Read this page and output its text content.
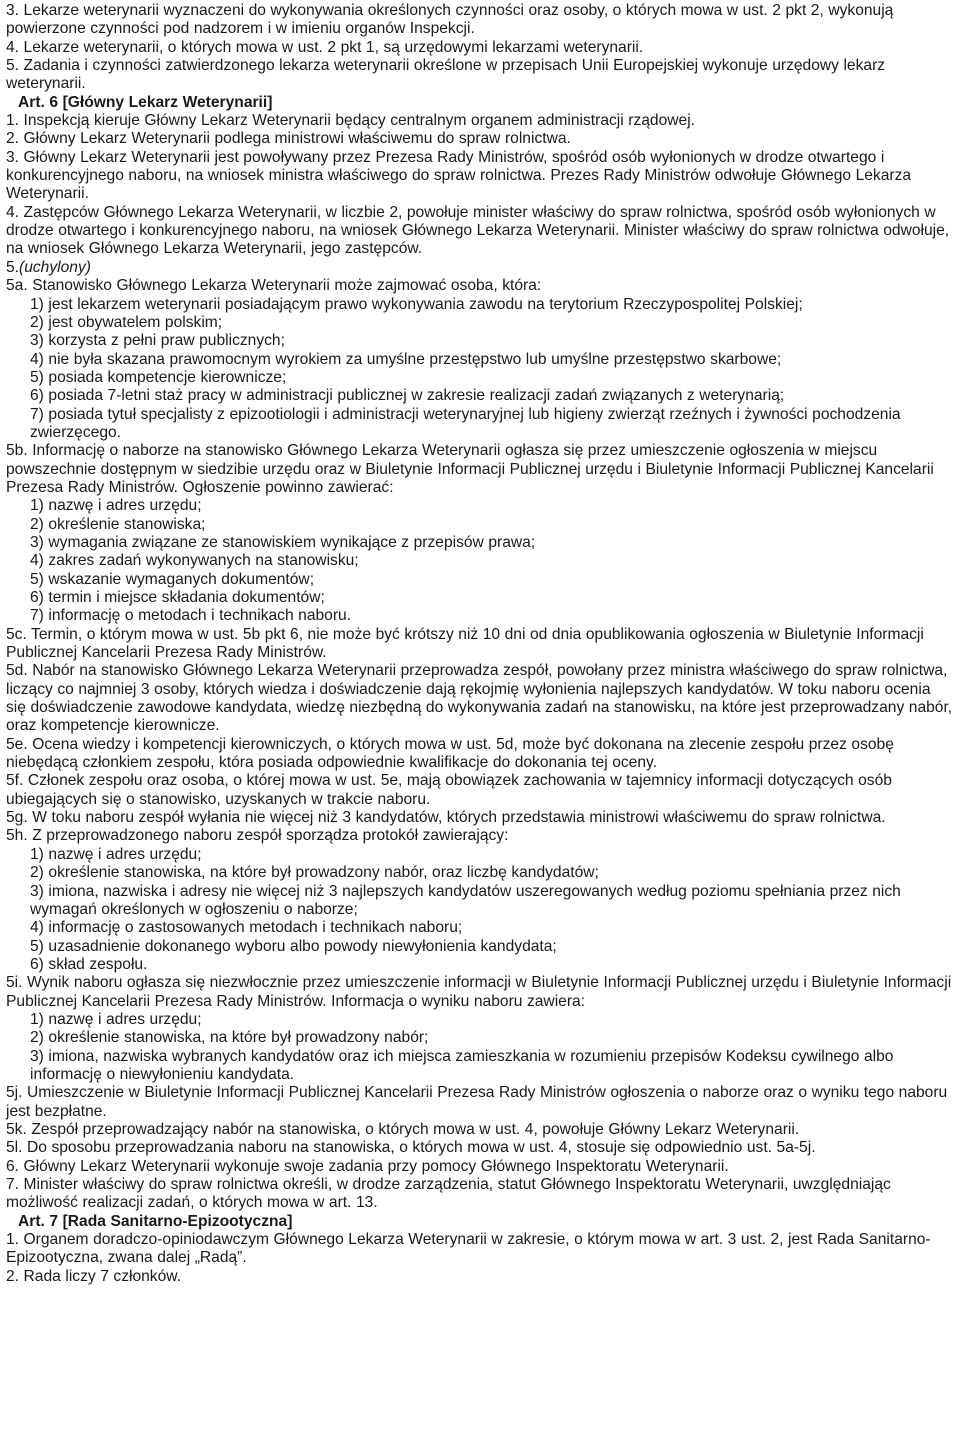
3. Lekarze weterynarii wyznaczeni do wykonywania określonych czynności oraz osoby, o których mowa w ust. 2 pkt 2, wykonują powierzone czynności pod nadzorem i w imieniu organów Inspekcji.

4. Lekarze weterynarii, o których mowa w ust. 2 pkt 1, są urzędowymi lekarzami weterynarii.

5. Zadania i czynności zatwierdzonego lekarza weterynarii określone w przepisach Unii Europejskiej wykonuje urzędowy lekarz weterynarii.

Art. 6 [Główny Lekarz Weterynarii]

1. Inspekcją kieruje Główny Lekarz Weterynarii będący centralnym organem administracji rządowej.

2. Główny Lekarz Weterynarii podlega ministrowi właściwemu do spraw rolnictwa.

3. Główny Lekarz Weterynarii jest powoływany przez Prezesa Rady Ministrów, spośród osób wyłonionych w drodze otwartego i konkurencyjnego naboru, na wniosek ministra właściwego do spraw rolnictwa. Prezes Rady Ministrów odwołuje Głównego Lekarza Weterynarii.

4. Zastępców Głównego Lekarza Weterynarii, w liczbie 2, powołuje minister właściwy do spraw rolnictwa, spośród osób wyłonionych w drodze otwartego i konkurencyjnego naboru, na wniosek Głównego Lekarza Weterynarii. Minister właściwy do spraw rolnictwa odwołuje, na wniosek Głównego Lekarza Weterynarii, jego zastępców.

5.(uchylony)

5a. Stanowisko Głównego Lekarza Weterynarii może zajmować osoba, która:

1) jest lekarzem weterynarii posiadającym prawo wykonywania zawodu na terytorium Rzeczypospolitej Polskiej;

2) jest obywatelem polskim;

3) korzysta z pełni praw publicznych;

4) nie była skazana prawomocnym wyrokiem za umyślne przestępstwo lub umyślne przestępstwo skarbowe;

5) posiada kompetencje kierownicze;

6) posiada 7-letni staż pracy w administracji publicznej w zakresie realizacji zadań związanych z weterynarią;

7) posiada tytuł specjalisty z epizootiologii i administracji weterynaryjnej lub higieny zwierząt rzeźnych i żywności pochodzenia zwierzęcego.

5b. Informację o naborze na stanowisko Głównego Lekarza Weterynarii ogłasza się przez umieszczenie ogłoszenia w miejscu powszechnie dostępnym w siedzibie urzędu oraz w Biuletynie Informacji Publicznej urzędu i Biuletynie Informacji Publicznej Kancelarii Prezesa Rady Ministrów. Ogłoszenie powinno zawierać:

1) nazwę i adres urzędu;

2) określenie stanowiska;

3) wymagania związane ze stanowiskiem wynikające z przepisów prawa;

4) zakres zadań wykonywanych na stanowisku;

5) wskazanie wymaganych dokumentów;

6) termin i miejsce składania dokumentów;

7) informację o metodach i technikach naboru.

5c. Termin, o którym mowa w ust. 5b pkt 6, nie może być krótszy niż 10 dni od dnia opublikowania ogłoszenia w Biuletynie Informacji Publicznej Kancelarii Prezesa Rady Ministrów.

5d. Nabór na stanowisko Głównego Lekarza Weterynarii przeprowadza zespół, powołany przez ministra właściwego do spraw rolnictwa, liczący co najmniej 3 osoby, których wiedza i doświadczenie dają rękojmię wyłonienia najlepszych kandydatów. W toku naboru ocenia się doświadczenie zawodowe kandydata, wiedzę niezbędną do wykonywania zadań na stanowisku, na które jest przeprowadzany nabór, oraz kompetencje kierownicze.

5e. Ocena wiedzy i kompetencji kierowniczych, o których mowa w ust. 5d, może być dokonana na zlecenie zespołu przez osobę niebędącą członkiem zespołu, która posiada odpowiednie kwalifikacje do dokonania tej oceny.

5f. Członek zespołu oraz osoba, o której mowa w ust. 5e, mają obowiązek zachowania w tajemnicy informacji dotyczących osób ubiegających się o stanowisko, uzyskanych w trakcie naboru.

5g. W toku naboru zespół wyłania nie więcej niż 3 kandydatów, których przedstawia ministrowi właściwemu do spraw rolnictwa.

5h. Z przeprowadzonego naboru zespół sporządza protokół zawierający:

1) nazwę i adres urzędu;

2) określenie stanowiska, na które był prowadzony nabór, oraz liczbę kandydatów;

3) imiona, nazwiska i adresy nie więcej niż 3 najlepszych kandydatów uszeregowanych według poziomu spełniania przez nich wymagań określonych w ogłoszeniu o naborze;

4) informację o zastosowanych metodach i technikach naboru;

5) uzasadnienie dokonanego wyboru albo powody niewyłonienia kandydata;

6) skład zespołu.

5i. Wynik naboru ogłasza się niezwłocznie przez umieszczenie informacji w Biuletynie Informacji Publicznej urzędu i Biuletynie Informacji Publicznej Kancelarii Prezesa Rady Ministrów. Informacja o wyniku naboru zawiera:

1) nazwę i adres urzędu;

2) określenie stanowiska, na które był prowadzony nabór;

3) imiona, nazwiska wybranych kandydatów oraz ich miejsca zamieszkania w rozumieniu przepisów Kodeksu cywilnego albo informację o niewyłonieniu kandydata.

5j. Umieszczenie w Biuletynie Informacji Publicznej Kancelarii Prezesa Rady Ministrów ogłoszenia o naborze oraz o wyniku tego naboru jest bezpłatne.

5k. Zespół przeprowadzający nabór na stanowiska, o których mowa w ust. 4, powołuje Główny Lekarz Weterynarii.

5l. Do sposobu przeprowadzania naboru na stanowiska, o których mowa w ust. 4, stosuje się odpowiednio ust. 5a-5j.

6. Główny Lekarz Weterynarii wykonuje swoje zadania przy pomocy Głównego Inspektoratu Weterynarii.

7. Minister właściwy do spraw rolnictwa określi, w drodze zarządzenia, statut Głównego Inspektoratu Weterynarii, uwzględniając możliwość realizacji zadań, o których mowa w art. 13.

Art. 7 [Rada Sanitarno-Epizootyczna]

1. Organem doradczo-opiniodawczym Głównego Lekarza Weterynarii w zakresie, o którym mowa w art. 3 ust. 2, jest Rada Sanitarno-Epizootyczna, zwana dalej „Radą”.

2. Rada liczy 7 członków.
